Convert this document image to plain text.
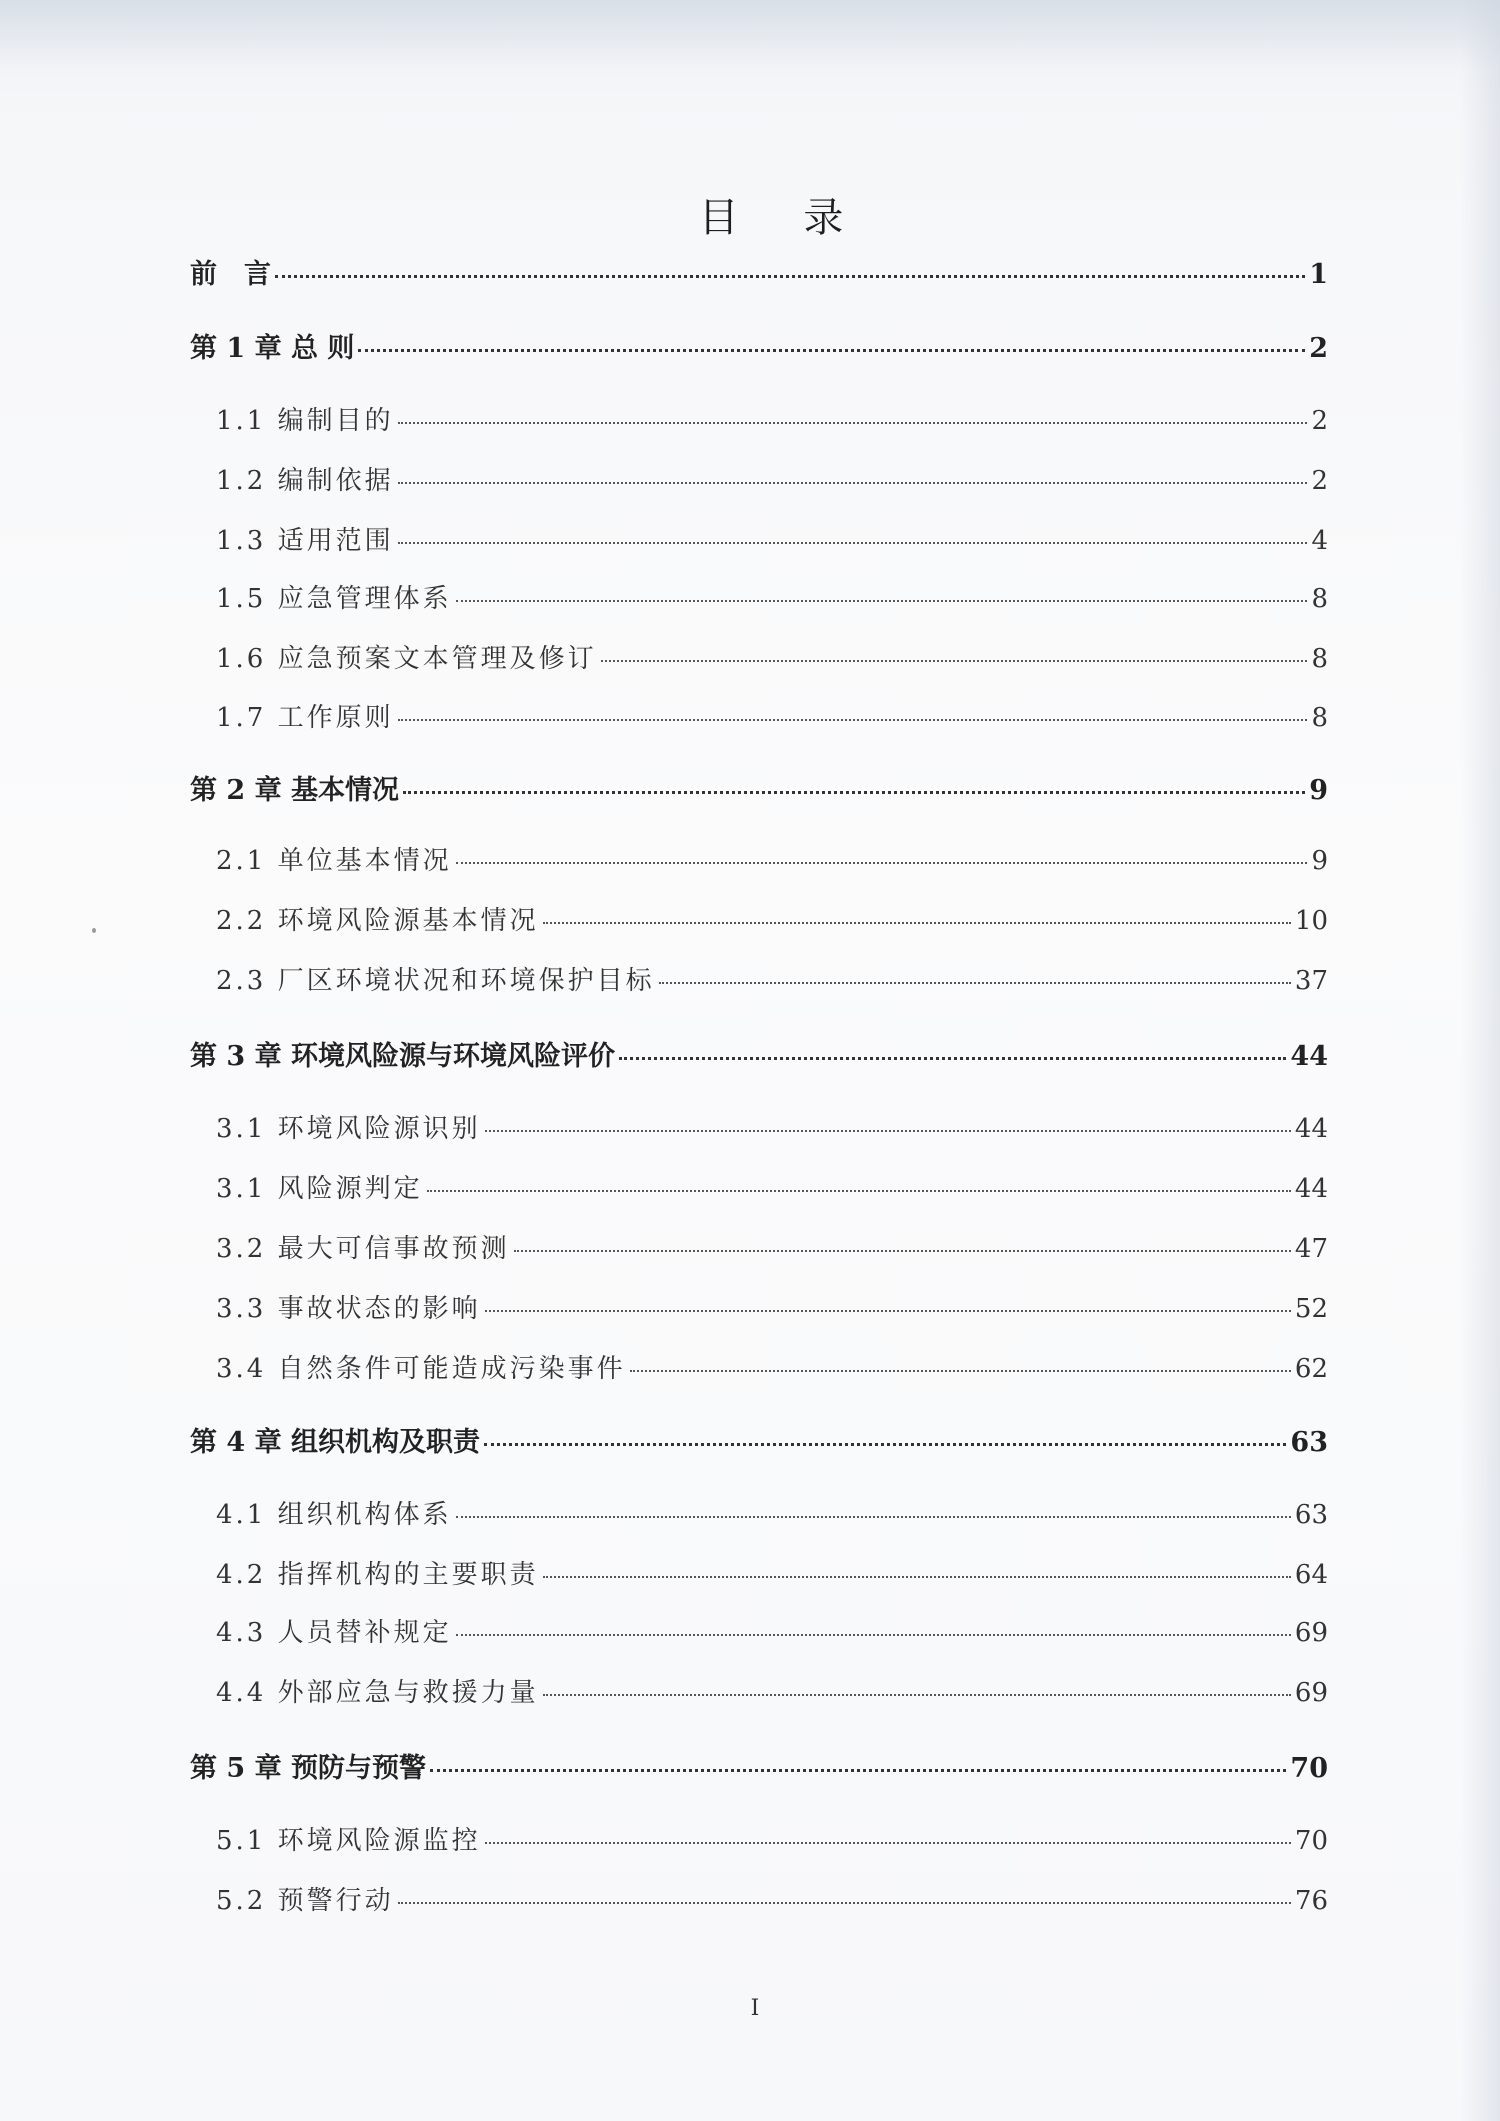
目 录
前　言	1
第 1 章 总 则	2
1.1 编制目的	2
1.2 编制依据	2
1.3 适用范围	4
1.5 应急管理体系	8
1.6 应急预案文本管理及修订	8
1.7 工作原则	8
第 2 章 基本情况	9
2.1 单位基本情况	9
2.2 环境风险源基本情况	10
2.3 厂区环境状况和环境保护目标	37
第 3 章 环境风险源与环境风险评价	44
3.1 环境风险源识别	44
3.1 风险源判定	44
3.2 最大可信事故预测	47
3.3 事故状态的影响	52
3.4 自然条件可能造成污染事件	62
第 4 章 组织机构及职责	63
4.1 组织机构体系	63
4.2 指挥机构的主要职责	64
4.3 人员替补规定	69
4.4 外部应急与救援力量	69
第 5 章 预防与预警	70
5.1 环境风险源监控	70
5.2 预警行动	76
I
